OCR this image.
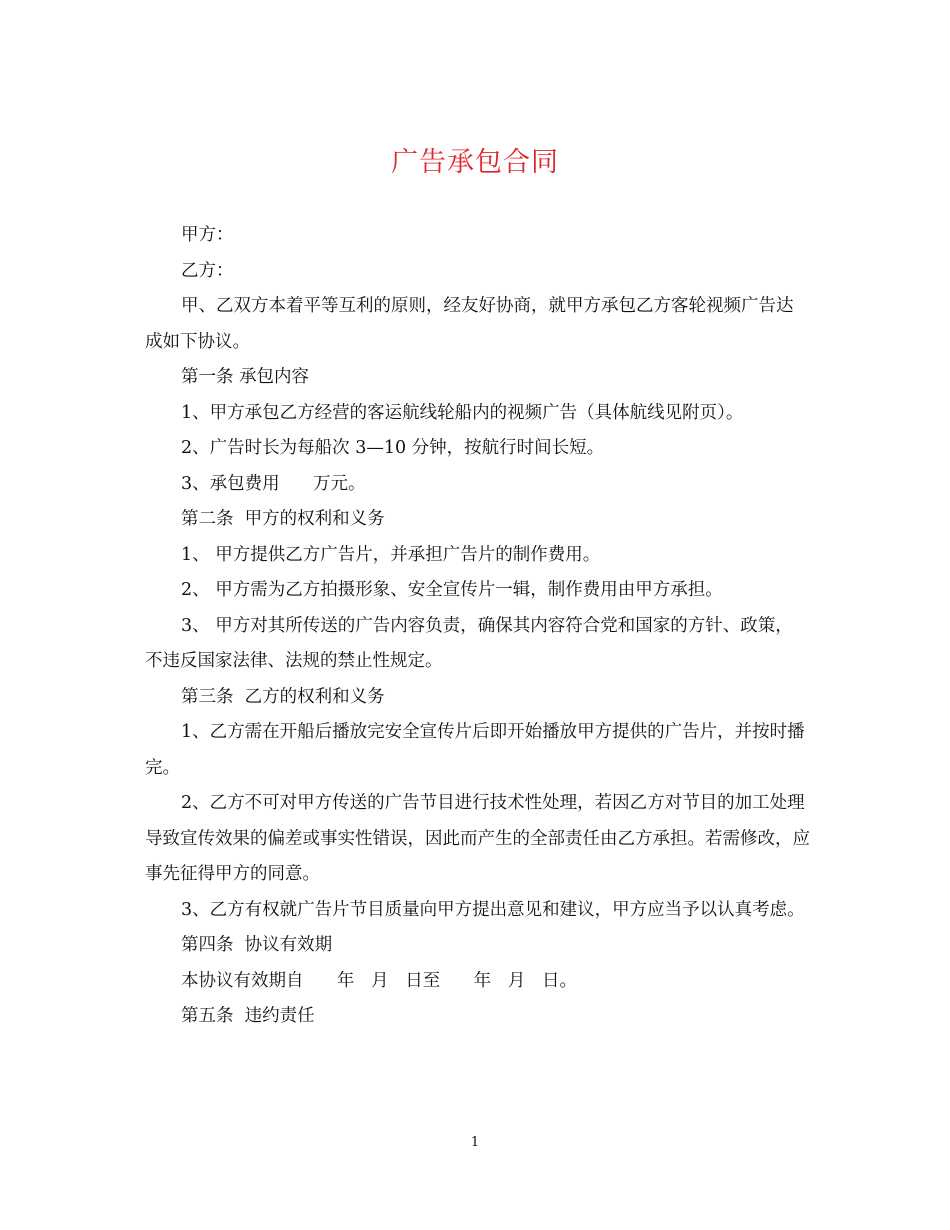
广告承包合同

甲方：

乙方：

甲、乙双方本着平等互利的原则，经友好协商，就甲方承包乙方客轮视频广告达成如下协议。

第一条 承包内容

1、甲方承包乙方经营的客运航线轮船内的视频广告（具体航线见附页）。

2、广告时长为每船次 3—10 分钟，按航行时间长短。

3、承包费用      万元。

第二条  甲方的权利和义务

1、 甲方提供乙方广告片，并承担广告片的制作费用。

2、 甲方需为乙方拍摄形象、安全宣传片一辑，制作费用由甲方承担。

3、 甲方对其所传送的广告内容负责，确保其内容符合党和国家的方针、政策，不违反国家法律、法规的禁止性规定。

第三条  乙方的权利和义务

1、乙方需在开船后播放完安全宣传片后即开始播放甲方提供的广告片，并按时播完。

2、乙方不可对甲方传送的广告节目进行技术性处理，若因乙方对节目的加工处理导致宣传效果的偏差或事实性错误，因此而产生的全部责任由乙方承担。若需修改，应事先征得甲方的同意。

3、乙方有权就广告片节目质量向甲方提出意见和建议，甲方应当予以认真考虑。

第四条  协议有效期

本协议有效期自      年   月   日至      年   月   日。

第五条  违约责任

1
